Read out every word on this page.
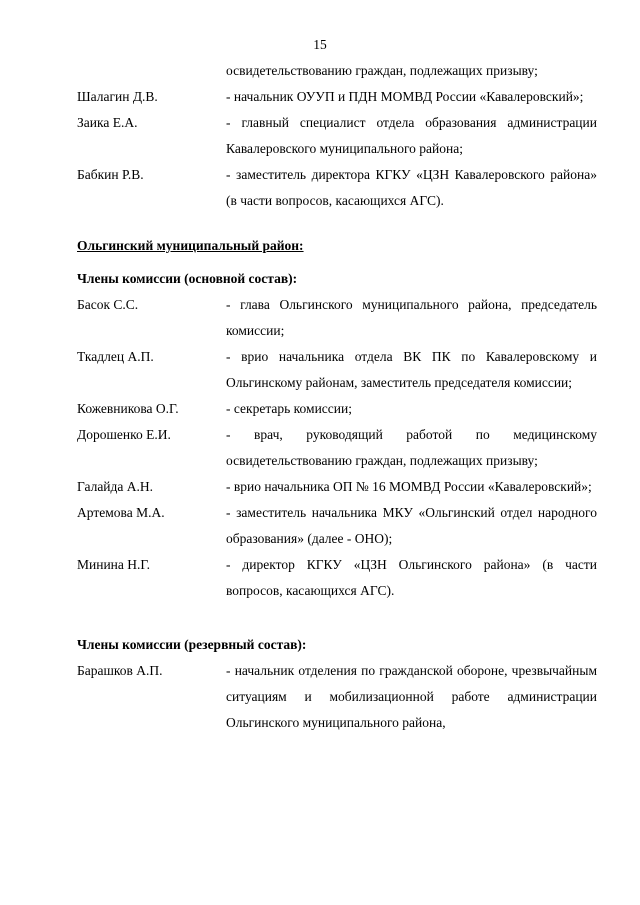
15
освидетельствованию граждан, подлежащих призыву;
Шалагин Д.В.	- начальник ОУУП и ПДН МОМВД России «Кавалеровский»;
Заика Е.А.	- главный специалист отдела образования администрации Кавалеровского муниципального района;
Бабкин Р.В.	- заместитель директора КГКУ «ЦЗН Кавалеровского района» (в части вопросов, касающихся АГС).
Ольгинский муниципальный район:
Члены комиссии (основной состав):
Басок С.С.	- глава Ольгинского муниципального района, председатель комиссии;
Ткадлец А.П.	- врио начальника отдела ВК ПК по Кавалеровскому и Ольгинскому районам, заместитель председателя комиссии;
Кожевникова О.Г.	- секретарь комиссии;
Дорошенко Е.И.	- врач, руководящий работой по медицинскому освидетельствованию граждан, подлежащих призыву;
Галайда А.Н.	- врио начальника ОП № 16 МОМВД России «Кавалеровский»;
Артемова М.А.	- заместитель начальника МКУ «Ольгинский отдел народного образования» (далее - ОНО);
Минина Н.Г.	- директор КГКУ «ЦЗН Ольгинского района» (в части вопросов, касающихся АГС).
Члены комиссии (резервный состав):
Барашков А.П.	- начальник отделения по гражданской обороне, чрезвычайным ситуациям и мобилизационной работе администрации Ольгинского муниципального района,
